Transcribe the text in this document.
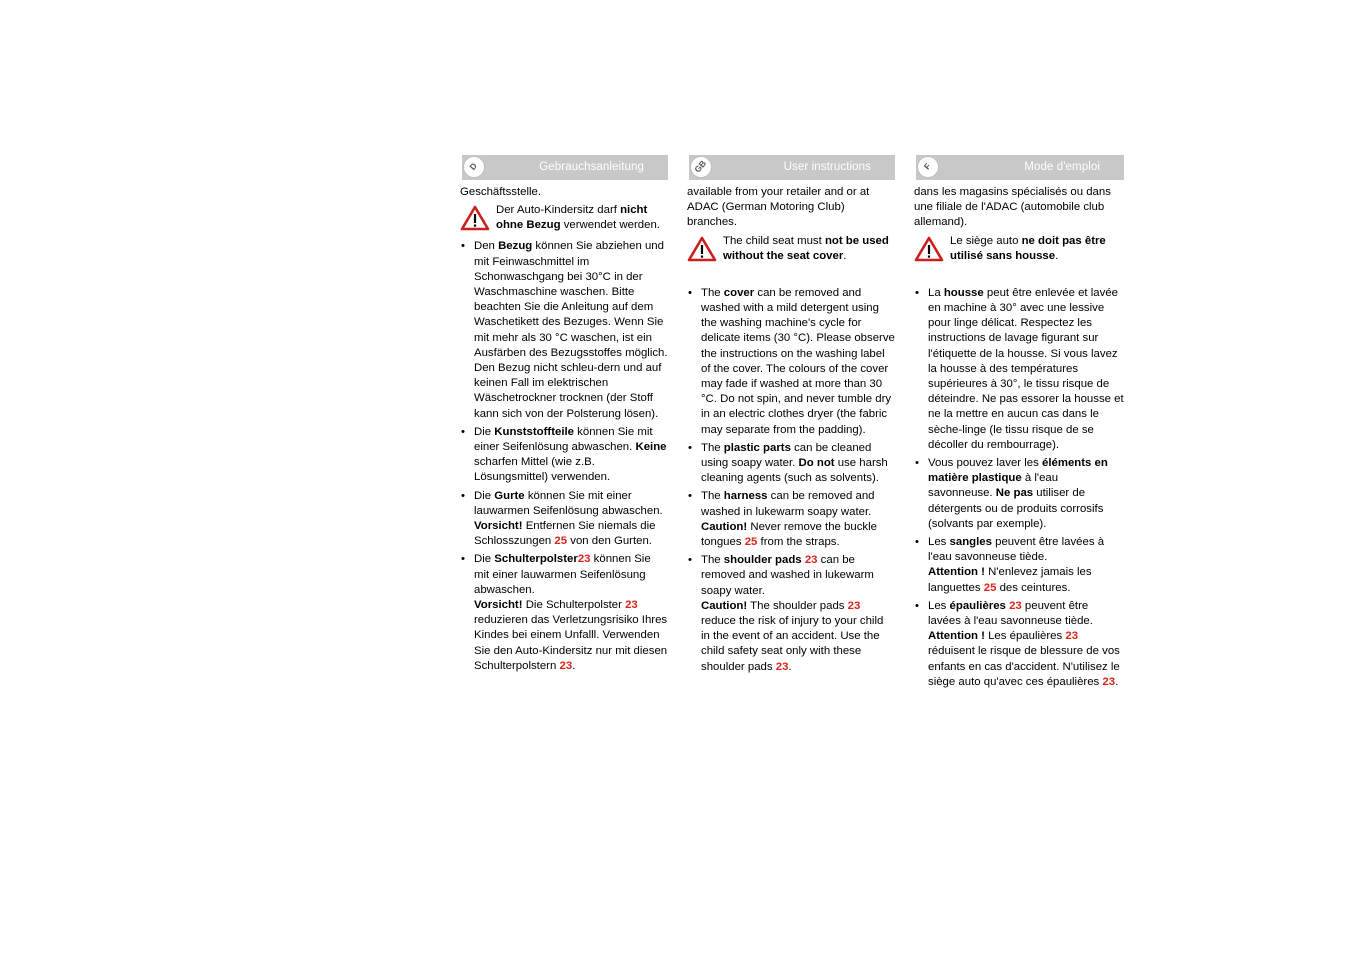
D	Gebrauchsanleitung

Geschäftsstelle.

Der Auto-Kindersitz darf nicht ohne Bezug verwendet werden.

• Den Bezug können Sie abziehen und mit Feinwaschmittel im Schonwaschgang bei 30°C in der Waschmaschine waschen. Bitte beachten Sie die Anleitung auf dem Waschetikett des Bezuges. Wenn Sie mit mehr als 30 °C waschen, ist ein Ausfärben des Bezugsstoffes möglich. Den Bezug nicht schleu-dern und auf keinen Fall im elektrischen Wäschetrockner trocknen (der Stoff kann sich von der Polsterung lösen).
• Die Kunststoffteile können Sie mit einer Seifenlösung abwaschen. Keine scharfen Mittel (wie z.B. Lösungsmittel) verwenden.
• Die Gurte können Sie mit einer lauwarmen Seifenlösung abwaschen.
Vorsicht! Entfernen Sie niemals die Schlosszungen 25 von den Gurten.
• Die Schulterpolster23 können Sie mit einer lauwarmen Seifenlösung abwaschen.
Vorsicht! Die Schulterpolster 23 reduzieren das Verletzungsrisiko Ihres Kindes bei einem Unfalll. Verwenden Sie den Auto-Kindersitz nur mit diesen Schulterpolstern 23.
GB	User instructions

available from your retailer and or at ADAC (German Motoring Club) branches.

The child seat must not be used without the seat cover.

• The cover can be removed and washed with a mild detergent using the washing machine's cycle for delicate items (30 °C). Please observe the instructions on the washing label of the cover. The colours of the cover may fade if washed at more than 30 °C. Do not spin, and never tumble dry in an electric clothes dryer (the fabric may separate from the padding).
• The plastic parts can be cleaned using soapy water. Do not use harsh cleaning agents (such as solvents).
• The harness can be removed and washed in lukewarm soapy water. Caution! Never remove the buckle tongues 25 from the straps.
• The shoulder pads 23 can be removed and washed in lukewarm soapy water.
Caution! The shoulder pads 23 reduce the risk of injury to your child in the event of an accident. Use the child safety seat only with these shoulder pads 23.
F	Mode d'emploi

dans les magasins spécialisés ou dans une filiale de l'ADAC (automobile club allemand).

Le siège auto ne doit pas être utilisé sans housse.

• La housse peut être enlevée et lavée en machine à 30° avec une lessive pour linge délicat. Respectez les instructions de lavage figurant sur l'étiquette de la housse. Si vous lavez la housse à des températures supérieures à 30°, le tissu risque de déteindre. Ne pas essorer la housse et ne la mettre en aucun cas dans le sèche-linge (le tissu risque de se décoller du rembourrage).
• Vous pouvez laver les éléments en matière plastique à l'eau savonneuse. Ne pas utiliser de détergents ou de produits corrosifs (solvants par exemple).
• Les sangles peuvent être lavées à l'eau savonneuse tiède.
Attention ! N'enlevez jamais les languettes 25 des ceintures.
• Les épaulières 23 peuvent être lavées à l'eau savonneuse tiède.
Attention ! Les épaulières 23 réduisent le risque de blessure de vos enfants en cas d'accident. N'utilisez le siège auto qu'avec ces épaulières 23.
